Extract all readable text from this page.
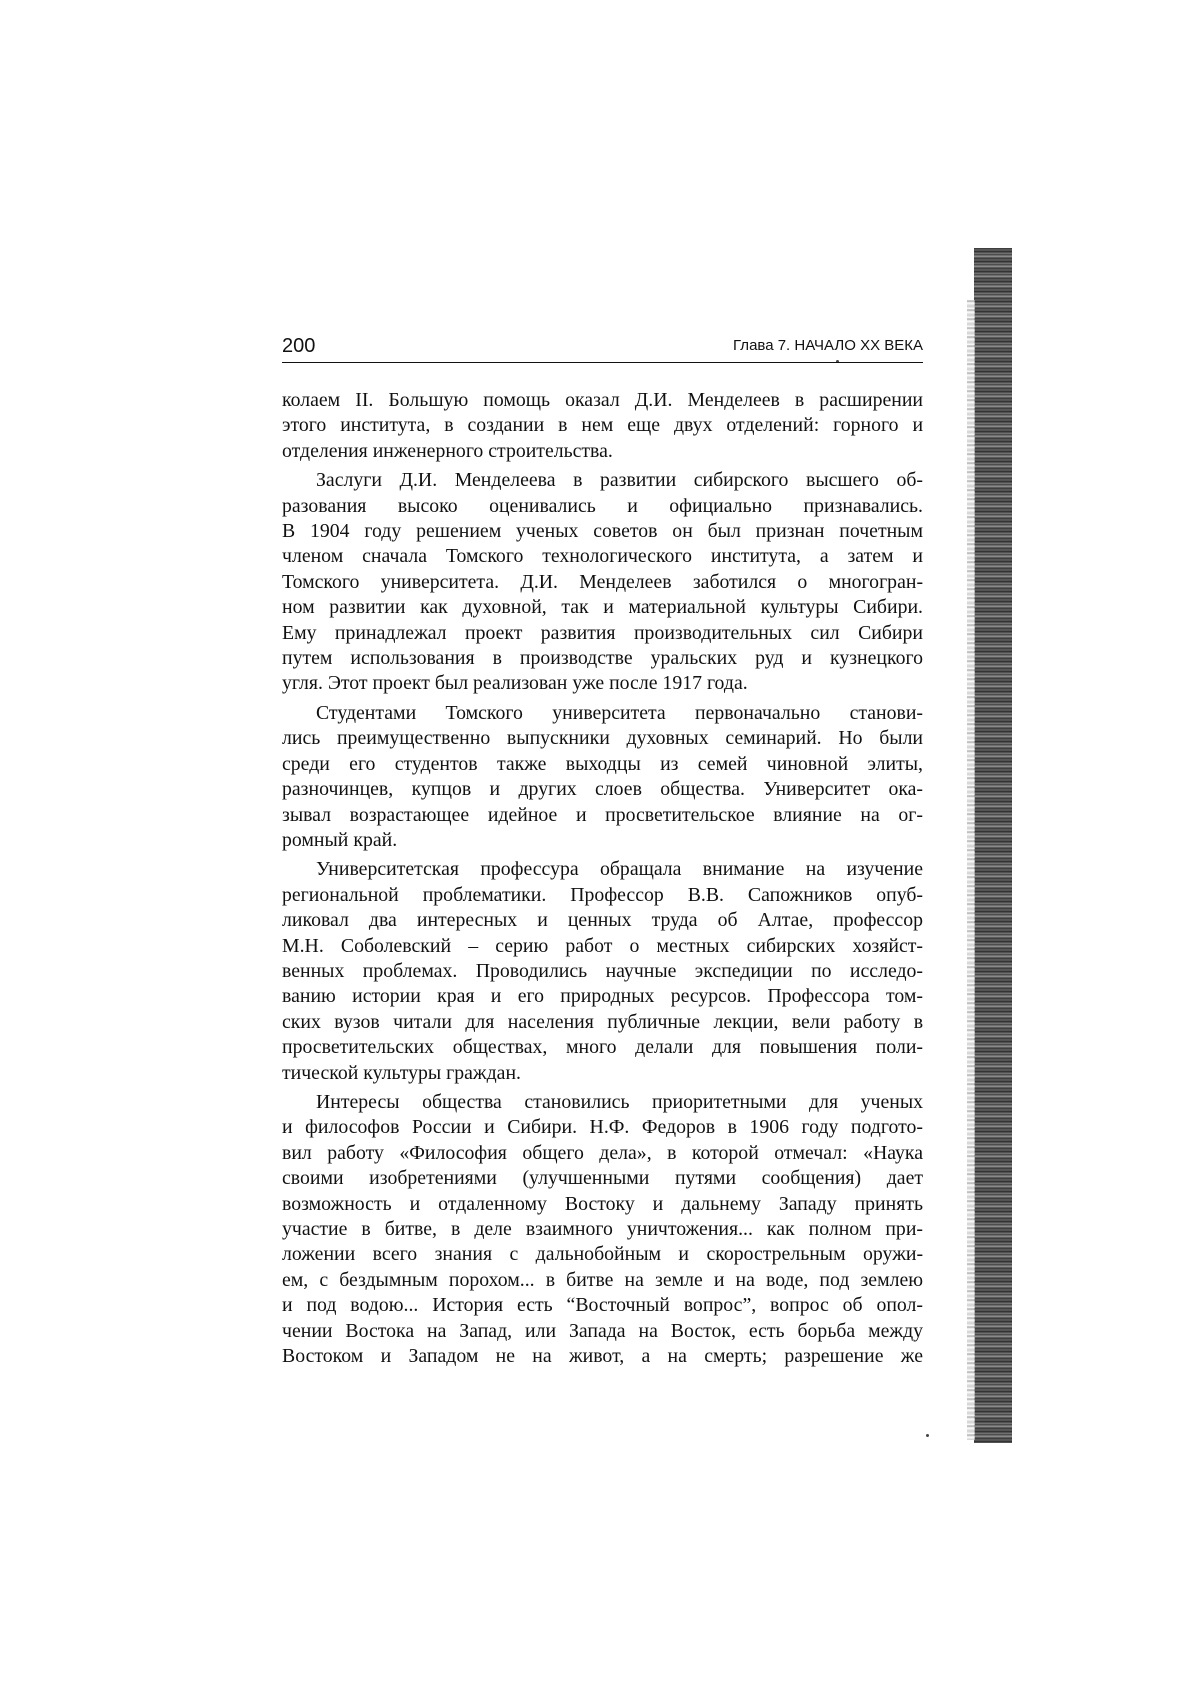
200	Глава 7. НАЧАЛО XX ВЕКА

колаем II. Большую помощь оказал Д.И. Менделеев в расширении
этого института, в создании в нем еще двух отделений: горного и
отделения инженерного строительства.

Заслуги Д.И. Менделеева в развитии сибирского высшего об-
разования высоко оценивались и официально признавались.
В 1904 году решением ученых советов он был признан почетным
членом сначала Томского технологического института, а затем и
Томского университета. Д.И. Менделеев заботился о многогран-
ном развитии как духовной, так и материальной культуры Сибири.
Ему принадлежал проект развития производительных сил Сибири
путем использования в производстве уральских руд и кузнецкого
угля. Этот проект был реализован уже после 1917 года.

Студентами Томского университета первоначально станови-
лись преимущественно выпускники духовных семинарий. Но были
среди его студентов также выходцы из семей чиновной элиты,
разночинцев, купцов и других слоев общества. Университет ока-
зывал возрастающее идейное и просветительское влияние на ог-
ромный край.

Университетская профессура обращала внимание на изучение
региональной проблематики. Профессор В.В. Сапожников опуб-
ликовал два интересных и ценных труда об Алтае, профессор
М.Н. Соболевский – серию работ о местных сибирских хозяйст-
венных проблемах. Проводились научные экспедиции по исследо-
ванию истории края и его природных ресурсов. Профессора том-
ских вузов читали для населения публичные лекции, вели работу в
просветительских обществах, много делали для повышения поли-
тической культуры граждан.

Интересы общества становились приоритетными для ученых
и философов России и Сибири. Н.Ф. Федоров в 1906 году подгото-
вил работу «Философия общего дела», в которой отмечал: «Наука
своими изобретениями (улучшенными путями сообщения) дает
возможность и отдаленному Востоку и дальнему Западу принять
участие в битве, в деле взаимного уничтожения... как полном при-
ложении всего знания с дальнобойным и скорострельным оружи-
ем, с бездымным порохом... в битве на земле и на воде, под землею
и под водою... История есть “Восточный вопрос”, вопрос об опол-
чении Востока на Запад, или Запада на Восток, есть борьба между
Востоком и Западом не на живот, а на смерть; разрешение же
